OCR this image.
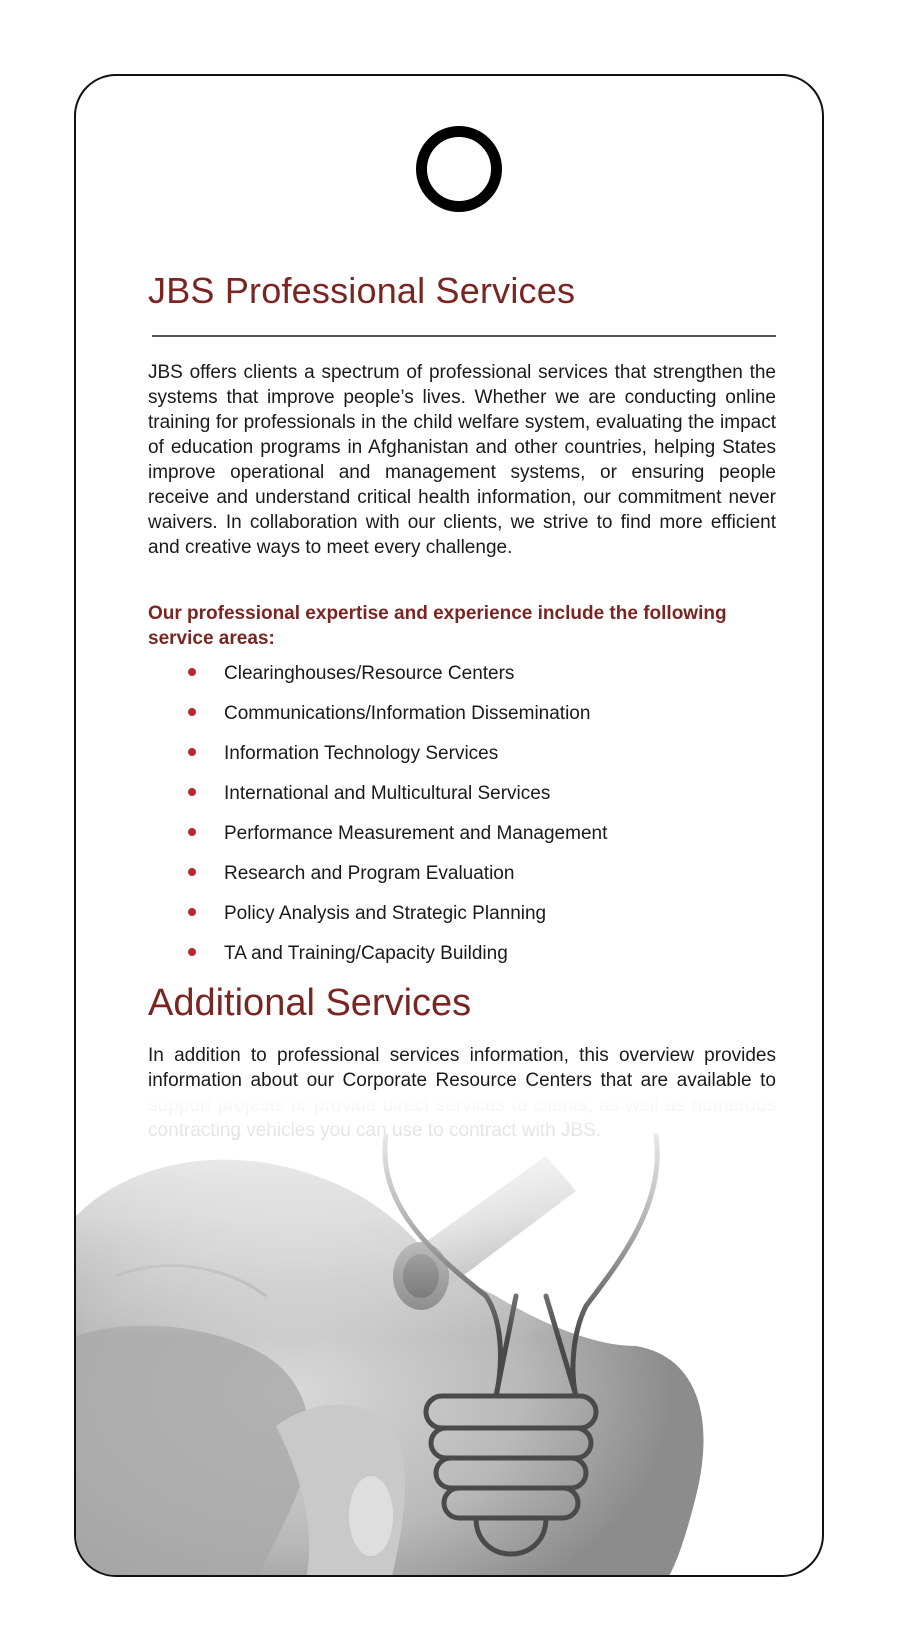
JBS Professional Services

JBS offers clients a spectrum of professional services that strengthen the systems that improve people’s lives. Whether we are conducting online training for professionals in the child welfare system, evaluating the impact of education programs in Afghanistan and other countries, helping States improve operational and management systems, or ensuring people receive and understand critical health information, our commitment never waivers. In collaboration with our clients, we strive to find more efficient and creative ways to meet every challenge.

Our professional expertise and experience include the following service areas:

Clearinghouses/Resource Centers
Communications/Information Dissemination
Information Technology Services
International and Multicultural Services
Performance Measurement and Management
Research and Program Evaluation
Policy Analysis and Strategic Planning
TA and Training/Capacity Building
Additional Services

In addition to professional services information, this overview provides information about our Corporate Resource Centers that are available to
